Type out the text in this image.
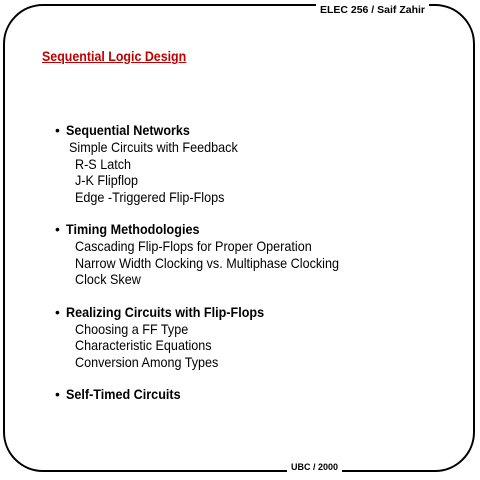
ELEC 256 / Saif Zahir
UBC / 2000
Sequential Logic Design
• Sequential Networks
Simple Circuits with Feedback
R-S Latch
J-K Flipflop
Edge -Triggered Flip-Flops
• Timing Methodologies
Cascading Flip-Flops for Proper Operation
Narrow Width Clocking vs. Multiphase Clocking
Clock Skew
• Realizing Circuits with Flip-Flops
Choosing a FF Type
Characteristic Equations
Conversion Among Types
• Self-Timed Circuits
